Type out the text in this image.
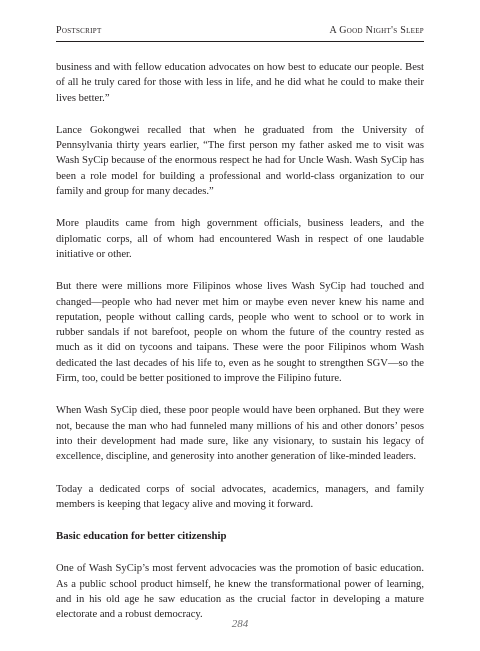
Postscript	A Good Night's Sleep

business and with fellow education advocates on how best to educate our people. Best of all he truly cared for those with less in life, and he did what he could to make their lives better.”

Lance Gokongwei recalled that when he graduated from the University of Pennsylvania thirty years earlier, “The first person my father asked me to visit was Wash SyCip because of the enormous respect he had for Uncle Wash. Wash SyCip has been a role model for building a professional and world-class organization to our family and group for many decades.”

More plaudits came from high government officials, business leaders, and the diplomatic corps, all of whom had encountered Wash in respect of one laudable initiative or other.

But there were millions more Filipinos whose lives Wash SyCip had touched and changed—people who had never met him or maybe even never knew his name and reputation, people without calling cards, people who went to school or to work in rubber sandals if not barefoot, people on whom the future of the country rested as much as it did on tycoons and taipans. These were the poor Filipinos whom Wash dedicated the last decades of his life to, even as he sought to strengthen SGV—so the Firm, too, could be better positioned to improve the Filipino future.

When Wash SyCip died, these poor people would have been orphaned. But they were not, because the man who had funneled many millions of his and other donors’ pesos into their development had made sure, like any visionary, to sustain his legacy of excellence, discipline, and generosity into another generation of like-minded leaders.

Today a dedicated corps of social advocates, academics, managers, and family members is keeping that legacy alive and moving it forward.

Basic education for better citizenship

One of Wash SyCip’s most fervent advocacies was the promotion of basic education. As a public school product himself, he knew the transformational power of learning, and in his old age he saw education as the crucial factor in developing a mature electorate and a robust democracy.

284
